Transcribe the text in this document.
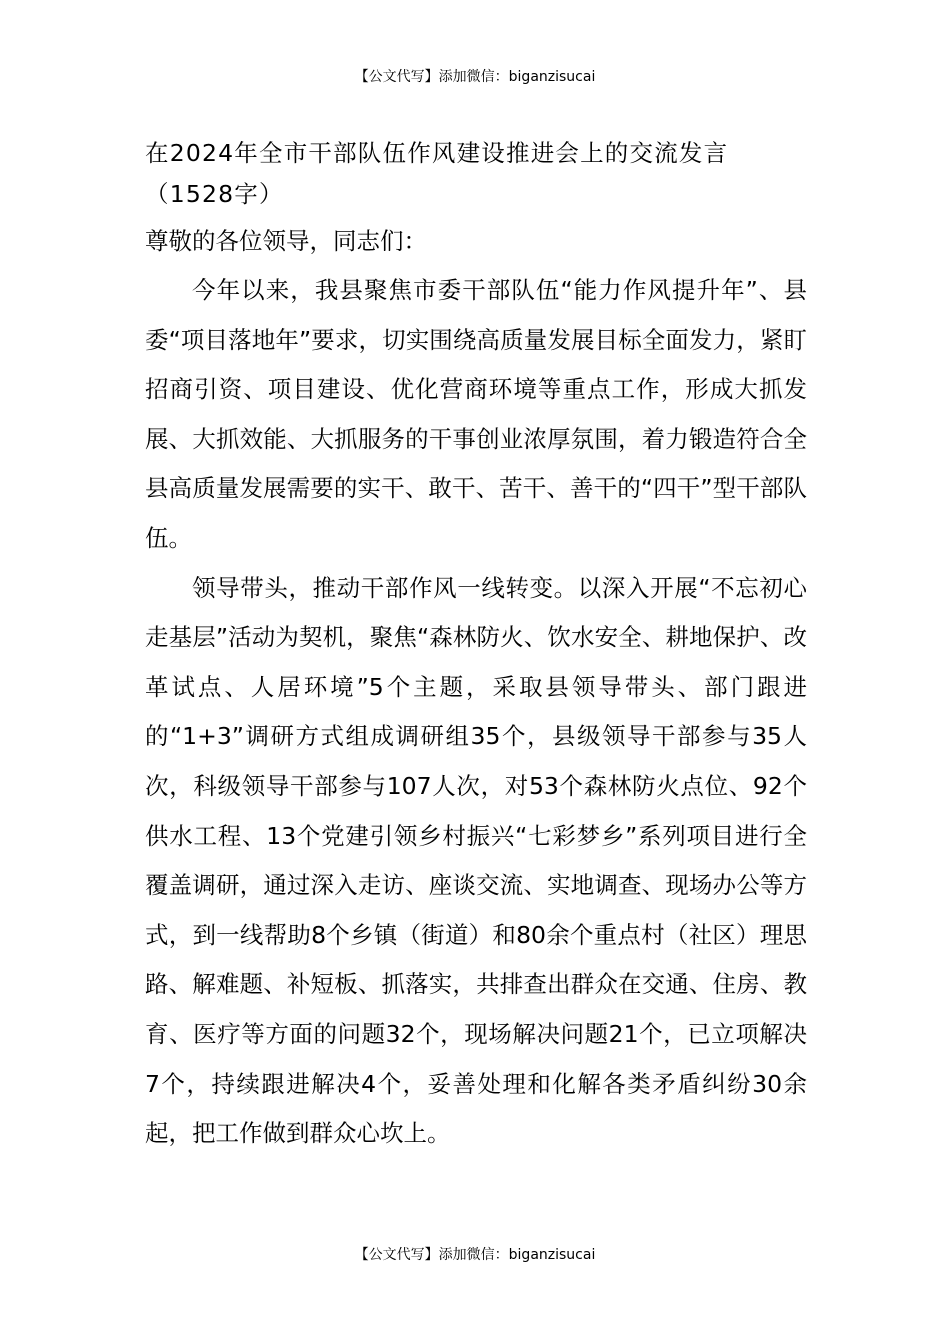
【公文代写】添加微信：biganzisucai
在2024年全市干部队伍作风建设推进会上的交流发言
（1528字）

尊敬的各位领导，同志们：

今年以来，我县聚焦市委干部队伍“能力作风提升年”、县委“项目落地年”要求，切实围绕高质量发展目标全面发力，紧盯招商引资、项目建设、优化营商环境等重点工作，形成大抓发展、大抓效能、大抓服务的干事创业浓厚氛围，着力锻造符合全县高质量发展需要的实干、敢干、苦干、善干的“四干”型干部队伍。

领导带头，推动干部作风一线转变。以深入开展“不忘初心走基层”活动为契机，聚焦“森林防火、饮水安全、耕地保护、改革试点、人居环境”5个主题，采取县领导带头、部门跟进的“1+3”调研方式组成调研组35个，县级领导干部参与35人次，科级领导干部参与107人次，对53个森林防火点位、92个供水工程、13个党建引领乡村振兴“七彩梦乡”系列项目进行全覆盖调研，通过深入走访、座谈交流、实地调查、现场办公等方式，到一线帮助8个乡镇（街道）和80余个重点村（社区）理思路、解难题、补短板、抓落实，共排查出群众在交通、住房、教育、医疗等方面的问题32个，现场解决问题21个，已立项解决7个，持续跟进解决4个，妥善处理和化解各类矛盾纠纷30余起，把工作做到群众心坎上。

【公文代写】添加微信：biganzisucai
